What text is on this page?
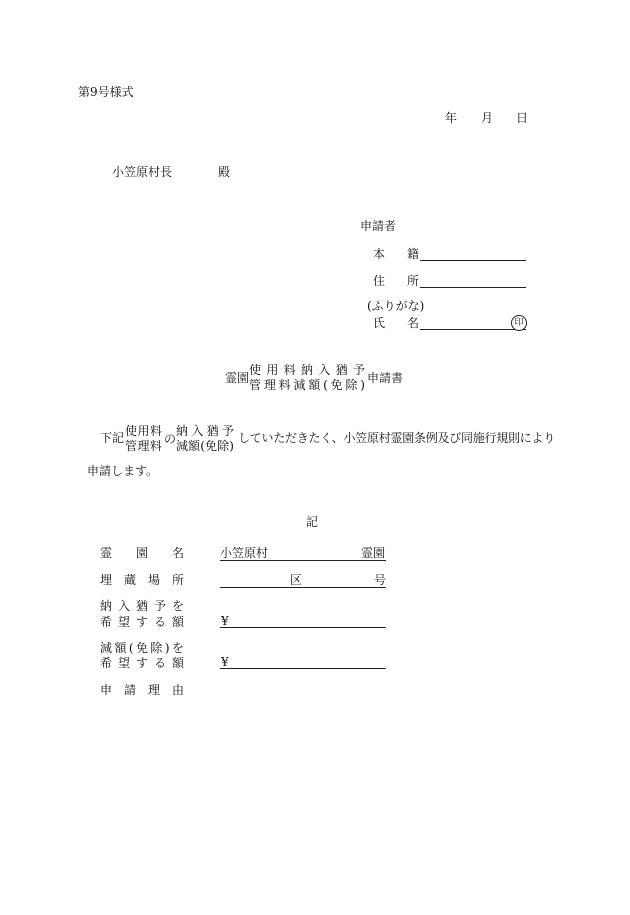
第9号様式
年 月 日
小笠原村長	殿
申請者
本籍
住所
(ふりがな)
氏名	印
霊園
使用料納入猶予
管理料減額(免除) 申請書
下記 使用料
管理料 の
納入猶予
減額(免除)
していただきたく、小笠原村霊園条例及び同施行規則により
申請します。
記
霊園名	小笠原村	霊園
埋蔵場所	区	号
納入猶予を
希望する額	¥
減額(免除)を
希望する額	¥
申請理由
